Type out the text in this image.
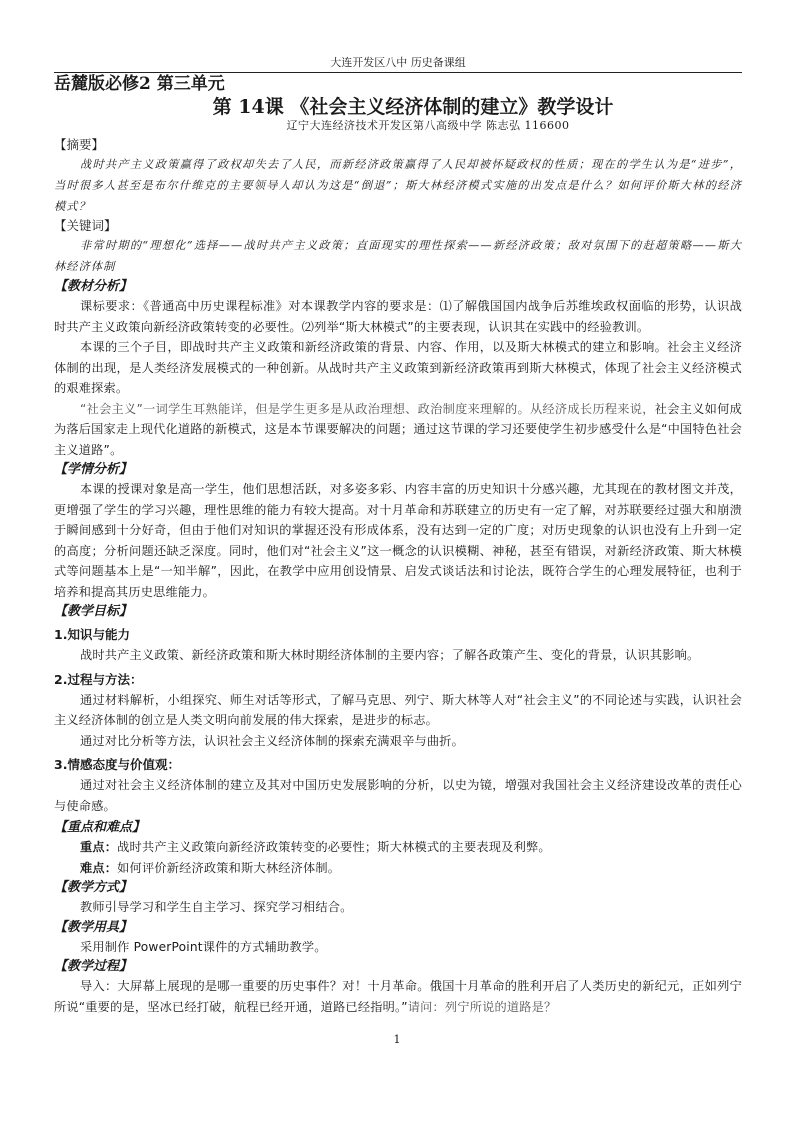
大连开发区八中 历史备课组
岳麓版必修2 第三单元
第 14课 《社会主义经济体制的建立》教学设计
辽宁大连经济技术开发区第八高级中学 陈志弘 116600
【摘要】

战时共产主义政策赢得了政权却失去了人民，而新经济政策赢得了人民却被怀疑政权的性质；现在的学生认为是“进步”，当时很多人甚至是布尔什维克的主要领导人却认为这是“倒退”；斯大林经济模式实施的出发点是什么？如何评价斯大林的经济模式？

【关键词】

非常时期的“理想化”选择——战时共产主义政策；直面现实的理性探索——新经济政策；敌对氛围下的赶超策略——斯大林经济体制

【教材分析】

课标要求：《普通高中历史课程标准》对本课教学内容的要求是：⑴了解俄国国内战争后苏维埃政权面临的形势，认识战时共产主义政策向新经济政策转变的必要性。⑵列举“斯大林模式”的主要表现，认识其在实践中的经验教训。

本课的三个子目，即战时共产主义政策和新经济政策的背景、内容、作用，以及斯大林模式的建立和影响。社会主义经济体制的出现，是人类经济发展模式的一种创新。从战时共产主义政策到新经济政策再到斯大林模式，体现了社会主义经济模式的艰难探索。

“社会主义”一词学生耳熟能详，但是学生更多是从政治理想、政治制度来理解的。从经济成长历程来说，社会主义如何成为落后国家走上现代化道路的新模式，这是本节课要解决的问题；通过这节课的学习还要使学生初步感受什么是“中国特色社会主义道路”。

【学情分析】

本课的授课对象是高一学生，他们思想活跃，对多姿多彩、内容丰富的历史知识十分感兴趣，尤其现在的教材图文并茂，更增强了学生的学习兴趣，理性思维的能力有较大提高。对十月革命和苏联建立的历史有一定了解，对苏联要经过强大和崩溃于瞬间感到十分好奇，但由于他们对知识的掌握还没有形成体系，没有达到一定的广度；对历史现象的认识也没有上升到一定的高度；分析问题还缺乏深度。同时，他们对“社会主义”这一概念的认识模糊、神秘，甚至有错误，对新经济政策、斯大林模式等问题基本上是“一知半解”，因此，在教学中应用创设情景、启发式谈话法和讨论法，既符合学生的心理发展特征，也利于培养和提高其历史思维能力。

【教学目标】
1.知识与能力

战时共产主义政策、新经济政策和斯大林时期经济体制的主要内容；了解各政策产生、变化的背景，认识其影响。

2.过程与方法：

通过材料解析，小组探究、师生对话等形式，了解马克思、列宁、斯大林等人对“社会主义”的不同论述与实践，认识社会主义经济体制的创立是人类文明向前发展的伟大探索，是进步的标志。

通过对比分析等方法，认识社会主义经济体制的探索充满艰辛与曲折。

3.情感态度与价值观：

通过对社会主义经济体制的建立及其对中国历史发展影响的分析，以史为镜，增强对我国社会主义经济建设改革的责任心与使命感。

【重点和难点】

重点：战时共产主义政策向新经济政策转变的必要性；斯大林模式的主要表现及利弊。

难点：如何评价新经济政策和斯大林经济体制。

【教学方式】

教师引导学习和学生自主学习、探究学习相结合。

【教学用具】

采用制作 PowerPoint课件的方式辅助教学。

【教学过程】

导入：大屏幕上展现的是哪一重要的历史事件？对！十月革命。俄国十月革命的胜利开启了人类历史的新纪元，正如列宁所说“重要的是，坚冰已经打破，航程已经开通，道路已经指明。”请问：列宁所说的道路是？

1
